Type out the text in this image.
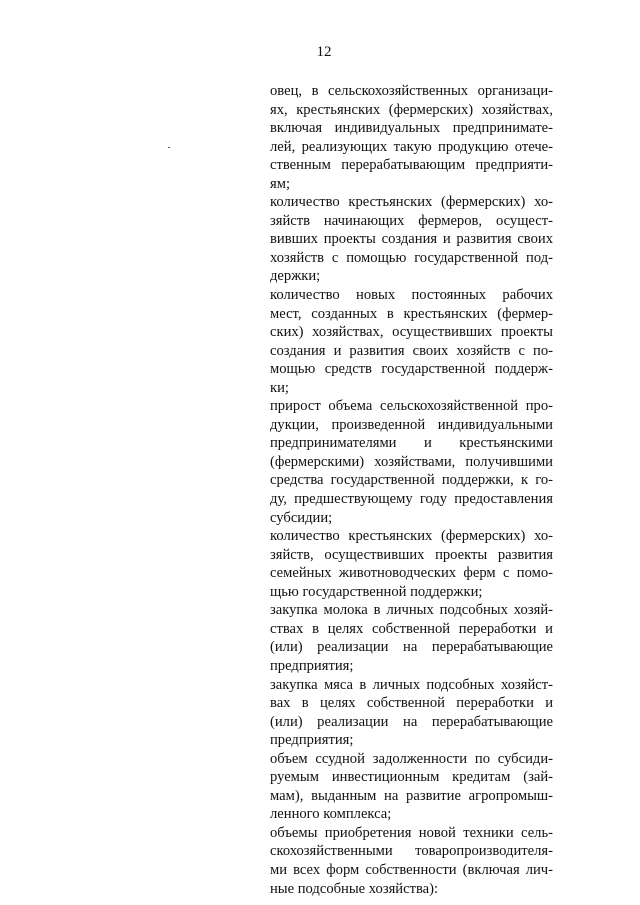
12
овец, в сельскохозяйственных организаци-
ях, крестьянских (фермерских) хозяйствах,
включая индивидуальных предпринимате-
лей, реализующих такую продукцию отече-
ственным перерабатывающим предприяти-
ям;
количество крестьянских (фермерских) хо-
зяйств начинающих фермеров, осущест-
вивших проекты создания и развития своих
хозяйств с помощью государственной под-
держки;
количество новых постоянных рабочих
мест, созданных в крестьянских (фермер-
ских) хозяйствах, осуществивших проекты
создания и развития своих хозяйств с по-
мощью средств государственной поддерж-
ки;
прирост объема сельскохозяйственной про-
дукции, произведенной индивидуальными
предпринимателями и крестьянскими
(фермерскими) хозяйствами, получившими
средства государственной поддержки, к го-
ду, предшествующему году предоставления
субсидии;
количество крестьянских (фермерских) хо-
зяйств, осуществивших проекты развития
семейных животноводческих ферм с помо-
щью государственной поддержки;
закупка молока в личных подсобных хозяй-
ствах в целях собственной переработки и
(или) реализации на перерабатывающие
предприятия;
закупка мяса в личных подсобных хозяйст-
вах в целях собственной переработки и
(или) реализации на перерабатывающие
предприятия;
объем ссудной задолженности по субсиди-
руемым инвестиционным кредитам (зай-
мам), выданным на развитие агропромыш-
ленного комплекса;
объемы приобретения новой техники сель-
скохозяйственными товаропроизводителя-
ми всех форм собственности (включая лич-
ные подсобные хозяйства):
